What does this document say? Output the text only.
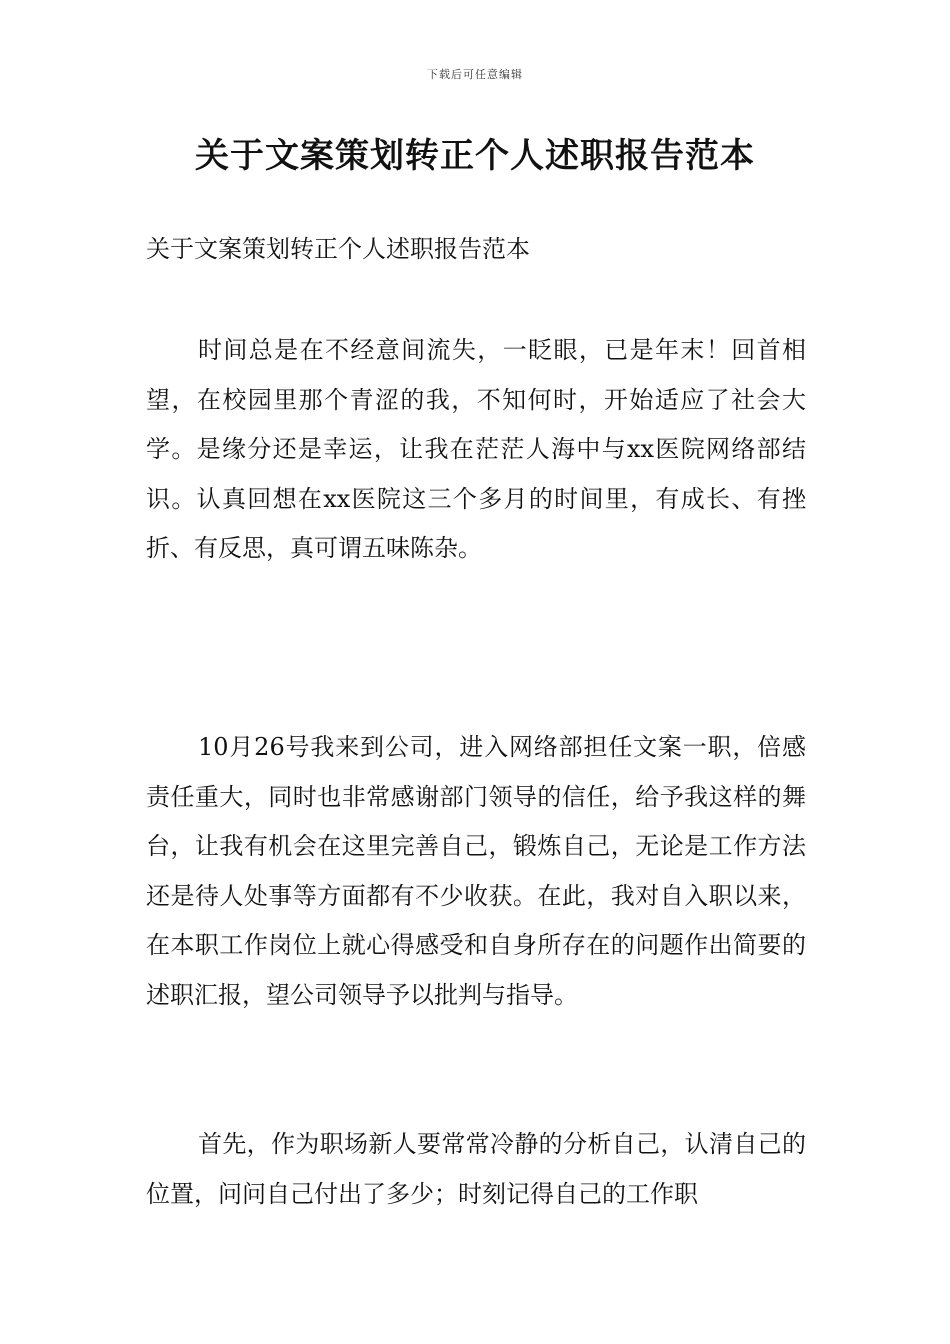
下载后可任意编辑
关于文案策划转正个人述职报告范本

关于文案策划转正个人述职报告范本

时间总是在不经意间流失，一眨眼，已是年末！回首相望，在校园里那个青涩的我，不知何时，开始适应了社会大学。是缘分还是幸运，让我在茫茫人海中与xx医院网络部结识。认真回想在xx医院这三个多月的时间里，有成长、有挫折、有反思，真可谓五味陈杂。

10月26号我来到公司，进入网络部担任文案一职，倍感责任重大，同时也非常感谢部门领导的信任，给予我这样的舞台，让我有机会在这里完善自己，锻炼自己，无论是工作方法还是待人处事等方面都有不少收获。在此，我对自入职以来，在本职工作岗位上就心得感受和自身所存在的问题作出简要的述职汇报，望公司领导予以批判与指导。

首先，作为职场新人要常常冷静的分析自己，认清自己的位置，问问自己付出了多少；时刻记得自己的工作职
